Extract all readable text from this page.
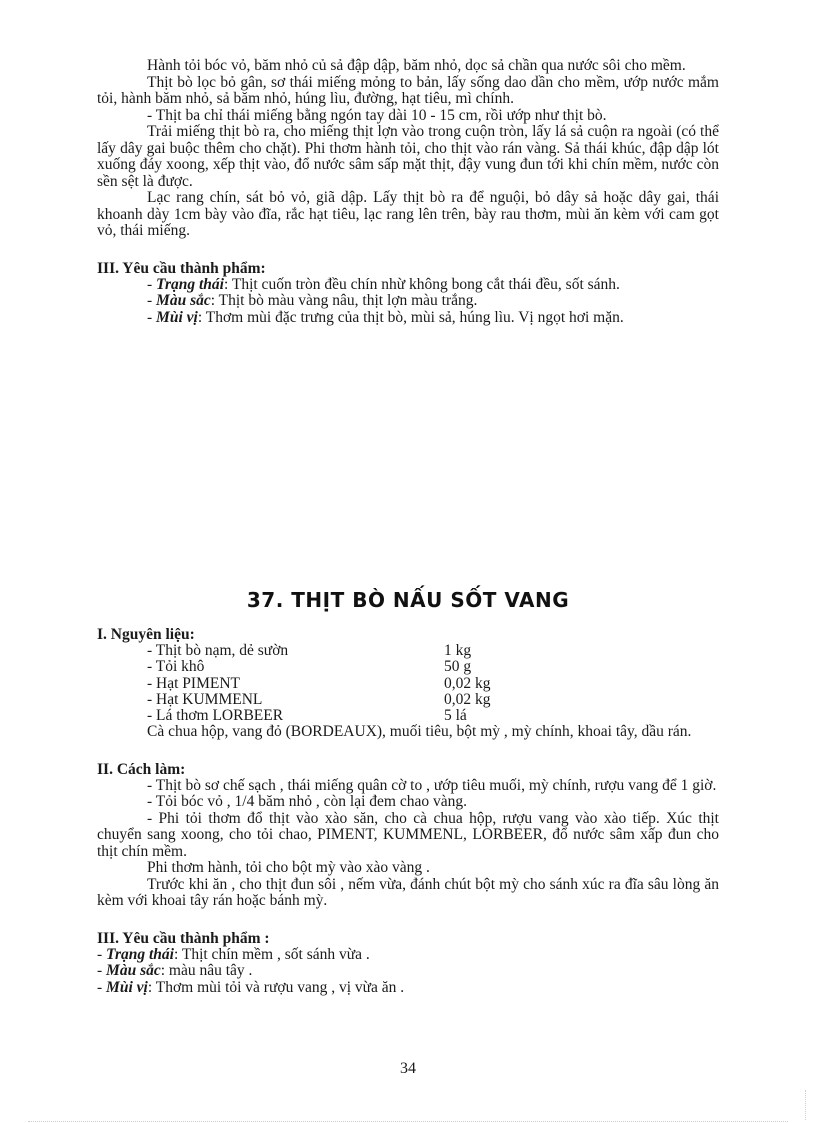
Hành tỏi bóc vỏ, băm nhỏ củ sả đập dập, băm nhỏ, dọc sả chần qua nước sôi cho mềm.

Thịt bò lọc bỏ gân, sơ thái miếng mỏng to bản, lấy sống dao dần cho mềm, ướp nước mắm tỏi, hành băm nhỏ, sả băm nhỏ, húng lìu, đường, hạt tiêu, mì chính.

- Thịt ba chỉ thái miếng bằng ngón tay dài 10 - 15 cm, rồi ướp như thịt bò.

Trải miếng thịt bò ra, cho miếng thịt lợn vào trong cuộn tròn, lấy lá sả cuộn ra ngoài (có thể lấy dây gai buộc thêm cho chặt). Phi thơm hành tỏi, cho thịt vào rán vàng. Sả thái khúc, đập dập lót xuống đáy xoong, xếp thịt vào, đổ nước sâm sấp mặt thịt, đậy vung đun tới khi chín mềm, nước còn sền sệt là được.

Lạc rang chín, sát bỏ vỏ, giã dập. Lấy thịt bò ra để nguội, bỏ dây sả hoặc dây gai, thái khoanh dày 1cm bày vào đĩa, rắc hạt tiêu, lạc rang lên trên, bày rau thơm, mùi ăn kèm với cam gọt vỏ, thái miếng.

III. Yêu cầu thành phẩm:

- Trạng thái: Thịt cuốn tròn đều chín nhừ không bong cắt thái đều, sốt sánh.

- Màu sắc: Thịt bò màu vàng nâu, thịt lợn màu trắng.

- Mùi vị: Thơm mùi đặc trưng của thịt bò, mùi sả, húng lìu. Vị ngọt hơi mặn.

37. THỊT BÒ NẤU SỐT VANG

I. Nguyên liệu:

- Thịt bò nạm, dẻ sườn	1 kg
- Tỏi khô	50 g
- Hạt PIMENT	0,02 kg
- Hạt KUMMENL	0,02 kg
- Lá thơm LORBEER	5 lá

Cà chua hộp, vang đỏ (BORDEAUX), muối tiêu, bột mỳ , mỳ chính, khoai tây, dầu rán.

II. Cách làm:

- Thịt bò sơ chế sạch , thái miếng quân cờ to , ướp tiêu muối, mỳ chính, rượu vang để 1 giờ.

- Tỏi bóc vỏ , 1/4 băm nhỏ , còn lại đem chao vàng.

- Phi tỏi thơm đổ thịt vào xào săn, cho cà chua hộp, rượu vang vào xào tiếp. Xúc thịt chuyển sang xoong, cho tỏi chao, PIMENT, KUMMENL, LORBEER, đổ nước sâm xấp đun cho thịt chín mềm.

Phi thơm hành, tỏi cho bột mỳ vào xào vàng .

Trước khi ăn , cho thịt đun sôi , nếm vừa, đánh chút bột mỳ cho sánh xúc ra đĩa sâu lòng ăn kèm với khoai tây rán hoặc bánh mỳ.

III. Yêu cầu thành phẩm :

- Trạng thái: Thịt chín mềm , sốt sánh vừa .

- Màu sắc: màu nâu tây .

- Mùi vị: Thơm mùi tỏi và rượu vang , vị vừa ăn .

34
